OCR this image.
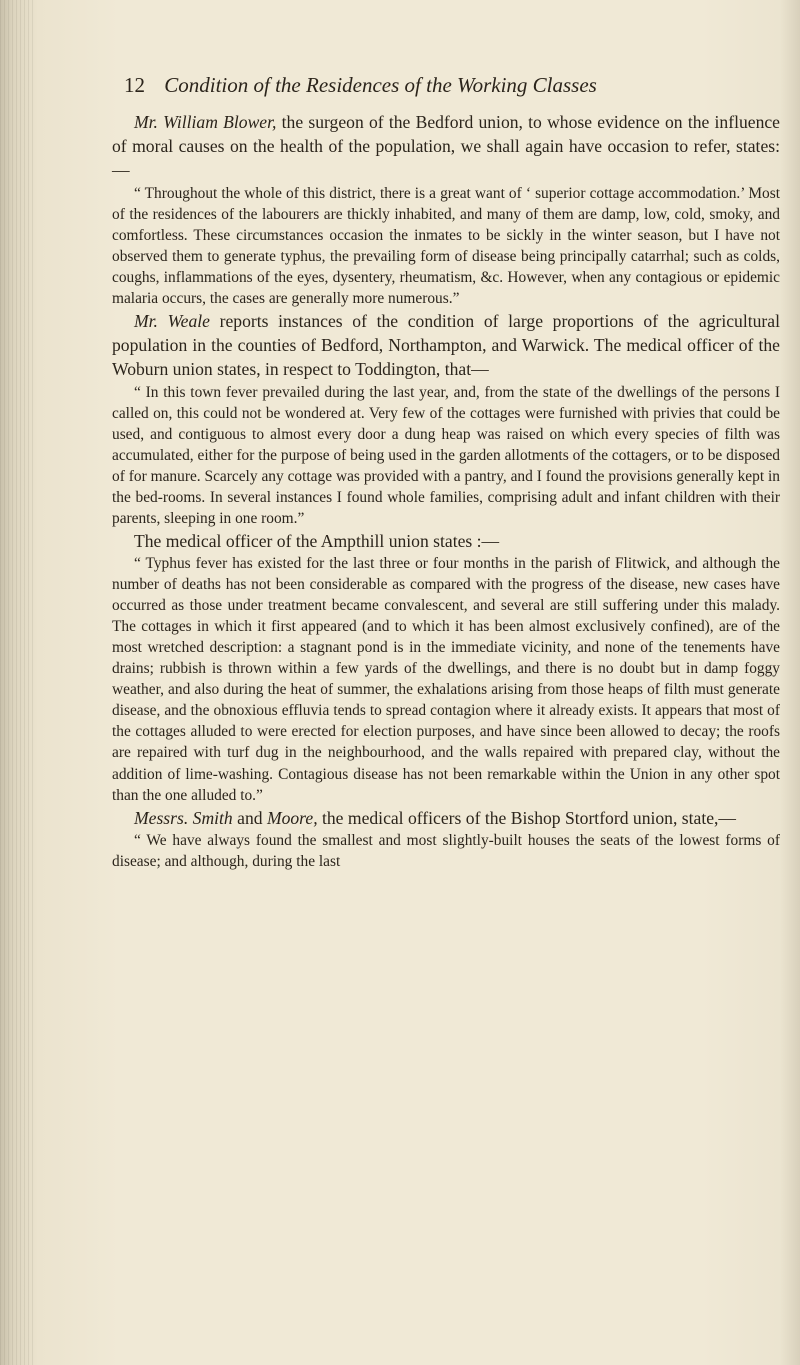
12 Condition of the Residences of the Working Classes

Mr. William Blower, the surgeon of the Bedford union, to whose evidence on the influence of moral causes on the health of the population, we shall again have occasion to refer, states:—

“ Throughout the whole of this district, there is a great want of ‘ superior cottage accommodation.’ Most of the residences of the labourers are thickly inhabited, and many of them are damp, low, cold, smoky, and comfortless. These circumstances occasion the inmates to be sickly in the winter season, but I have not observed them to generate typhus, the prevailing form of disease being principally catarrhal; such as colds, coughs, inflammations of the eyes, dysentery, rheumatism, &c. However, when any contagious or epidemic malaria occurs, the cases are generally more numerous.”

Mr. Weale reports instances of the condition of large proportions of the agricultural population in the counties of Bedford, Northampton, and Warwick. The medical officer of the Woburn union states, in respect to Toddington, that—

“ In this town fever prevailed during the last year, and, from the state of the dwellings of the persons I called on, this could not be wondered at. Very few of the cottages were furnished with privies that could be used, and contiguous to almost every door a dung heap was raised on which every species of filth was accumulated, either for the purpose of being used in the garden allotments of the cottagers, or to be disposed of for manure. Scarcely any cottage was provided with a pantry, and I found the provisions generally kept in the bed-rooms. In several instances I found whole families, comprising adult and infant children with their parents, sleeping in one room.”

The medical officer of the Ampthill union states :—

“ Typhus fever has existed for the last three or four months in the parish of Flitwick, and although the number of deaths has not been considerable as compared with the progress of the disease, new cases have occurred as those under treatment became convalescent, and several are still suffering under this malady. The cottages in which it first appeared (and to which it has been almost exclusively confined), are of the most wretched description: a stagnant pond is in the immediate vicinity, and none of the tenements have drains; rubbish is thrown within a few yards of the dwellings, and there is no doubt but in damp foggy weather, and also during the heat of summer, the exhalations arising from those heaps of filth must generate disease, and the obnoxious effluvia tends to spread contagion where it already exists. It appears that most of the cottages alluded to were erected for election purposes, and have since been allowed to decay; the roofs are repaired with turf dug in the neighbourhood, and the walls repaired with prepared clay, without the addition of lime-washing. Contagious disease has not been remarkable within the Union in any other spot than the one alluded to.”

Messrs. Smith and Moore, the medical officers of the Bishop Stortford union, state,—

“ We have always found the smallest and most slightly-built houses the seats of the lowest forms of disease; and although, during the last
